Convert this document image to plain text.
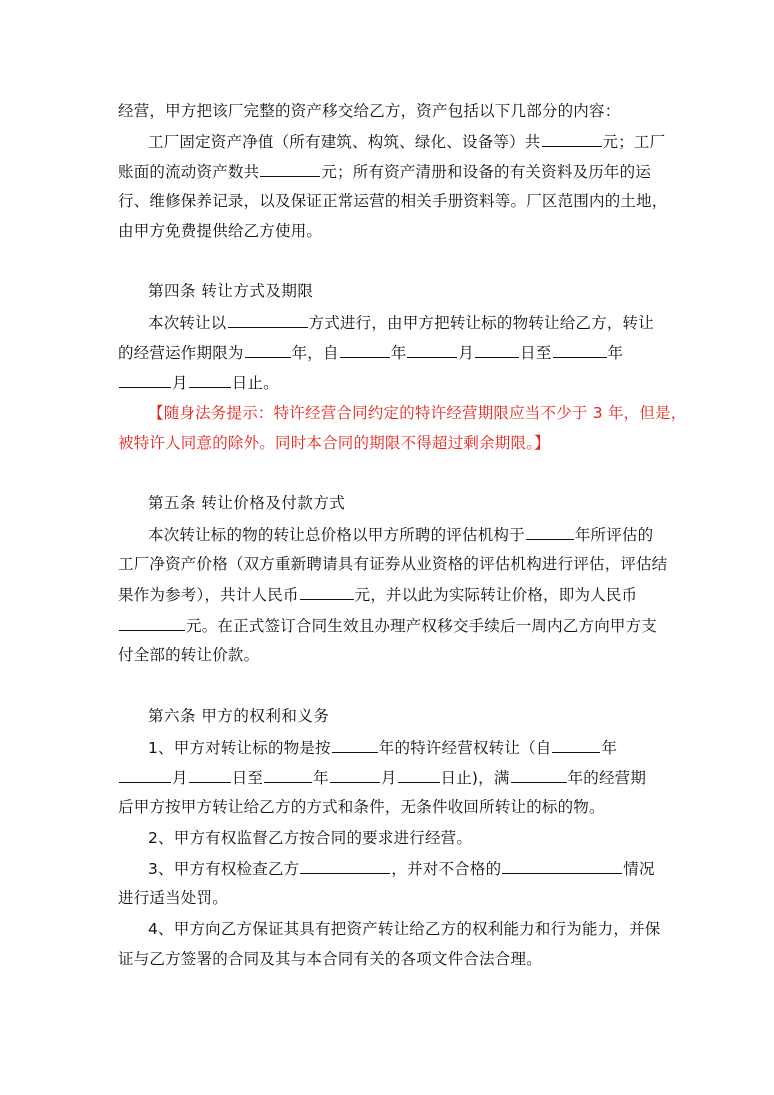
经营，甲方把该厂完整的资产移交给乙方，资产包括以下几部分的内容：
工厂固定资产净值（所有建筑、构筑、绿化、设备等）共	元；工厂
账面的流动资产数共	元；所有资产清册和设备的有关资料及历年的运
行、维修保养记录，以及保证正常运营的相关手册资料等。厂区范围内的土地，
由甲方免费提供给乙方使用。
第四条 转让方式及期限
本次转让以	方式进行，由甲方把转让标的物转让给乙方，转让
的经营运作期限为	年，自	年	月	日至	年
月	日止。
【随身法务提示：特许经营合同约定的特许经营期限应当不少于 3 年，但是，
被特许人同意的除外。同时本合同的期限不得超过剩余期限。】
第五条 转让价格及付款方式
本次转让标的物的转让总价格以甲方所聘的评估机构于	年所评估的
工厂净资产价格（双方重新聘请具有证券从业资格的评估机构进行评估，评估结
果作为参考），共计人民币	元，并以此为实际转让价格，即为人民币
元。在正式签订合同生效且办理产权移交手续后一周内乙方向甲方支
付全部的转让价款。
第六条 甲方的权利和义务
1、甲方对转让标的物是按	年的特许经营权转让（自	年
月	日至	年	月	日止)，满	年的经营期
后甲方按甲方转让给乙方的方式和条件，无条件收回所转让的标的物。
2、甲方有权监督乙方按合同的要求进行经营。
3、甲方有权检查乙方	，并对不合格的	情况
进行适当处罚。
4、甲方向乙方保证其具有把资产转让给乙方的权利能力和行为能力，并保
证与乙方签署的合同及其与本合同有关的各项文件合法合理。
